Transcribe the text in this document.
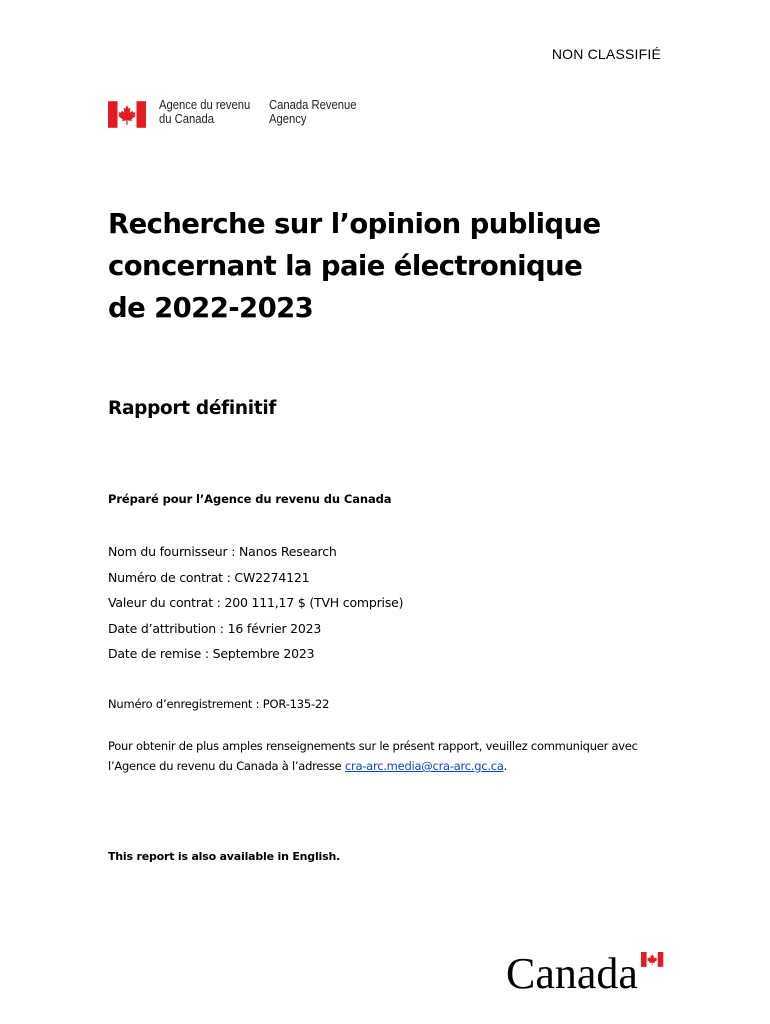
NON CLASSIFIÉ
Agence du revenu
du Canada
Canada Revenue
Agency
Recherche sur l’opinion publique
concernant la paie électronique
de 2022-2023
Rapport définitif
Préparé pour l’Agence du revenu du Canada
Nom du fournisseur : Nanos Research
Numéro de contrat : CW2274121
Valeur du contrat : 200 111,17 $ (TVH comprise)
Date d’attribution : 16 février 2023
Date de remise : Septembre 2023
Numéro d’enregistrement : POR-135-22

Pour obtenir de plus amples renseignements sur le présent rapport, veuillez communiquer avec l’Agence du revenu du Canada à l’adresse cra-arc.media@cra-arc.gc.ca.

This report is also available in English.
Canada
